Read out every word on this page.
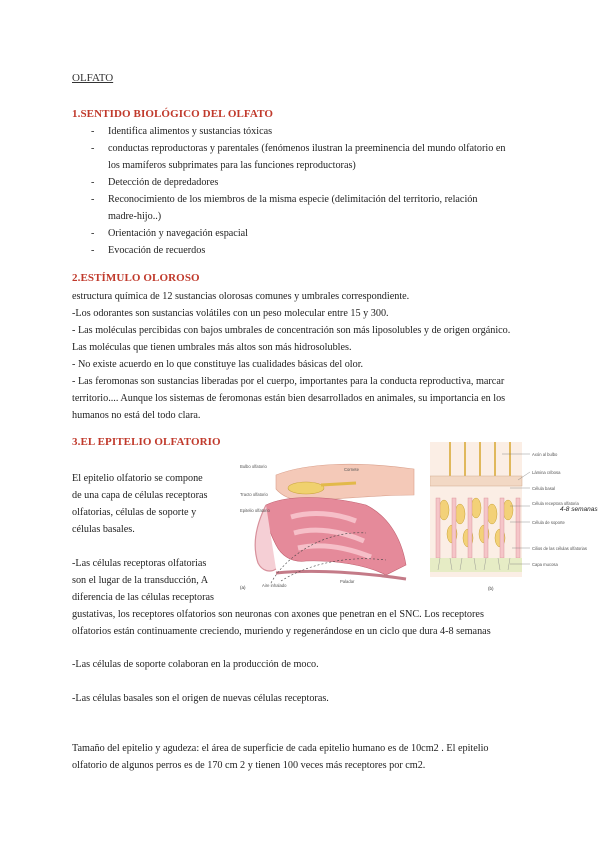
OLFATO
1.SENTIDO BIOLÓGICO DEL OLFATO
- Identifica alimentos y sustancias tóxicas
- conductas reproductoras y parentales (fenómenos ilustran la preeminencia del mundo olfatorio en
los mamíferos subprimates para las funciones reproductoras)
- Detección de depredadores
- Reconocimiento de los miembros de la misma especie (delimitación del territorio, relación
madre-hijo..)
- Orientación y navegación espacial
- Evocación de recuerdos
2.ESTÍMULO OLOROSO
estructura química de 12 sustancias olorosas comunes y umbrales correspondiente.
-Los odorantes son sustancias volátiles con un peso molecular entre 15 y 300.
- Las moléculas percibidas con bajos umbrales de concentración son más liposolubles y de origen orgánico.
Las moléculas que tienen umbrales más altos son más hidrosolubles.
- No existe acuerdo en lo que constituye las cualidades básicas del olor.
- Las feromonas son sustancias liberadas por el cuerpo, importantes para la conducta reproductiva, marcar
territorio.... Aunque los sistemas de feromonas están bien desarrollados en animales, su importancia en los
humanos no está del todo clara.
3.EL EPITELIO OLFATORIO
El epitelio olfatorio se compone
de una capa de células receptoras
olfatorias, células de soporte y
células basales.
-Las células receptoras olfatorias
son el lugar de la transducción, A
diferencia de las células receptoras
gustativas, los receptores olfatorios son neuronas con axones que penetran en el SNC. Los receptores
olfatorios están continuamente creciendo, muriendo y regenerándose en un ciclo que dura 4-8 semanas
-Las células de soporte colaboran en la producción de moco.
-Las células basales son el origen de nuevas células receptoras.
Tamaño del epitelio y agudeza: el área de superficie de cada epitelio humano es de 10cm2 . El epitelio
olfatorio de algunos perros es de 170 cm 2 y tienen 100 veces más receptores por cm2.
Bulbo olfatorio
Tracto olfatorio
Epitelio olfatorio
Cornete
Aire inhalado
Paladar
(a)
Axón al bulbo
Lámina cribosa
Célula basal
Célula receptora olfatoria
4-8 semanas
Célula de soporte
Cilios de las células olfatorias
Capa mucosa
(b)
